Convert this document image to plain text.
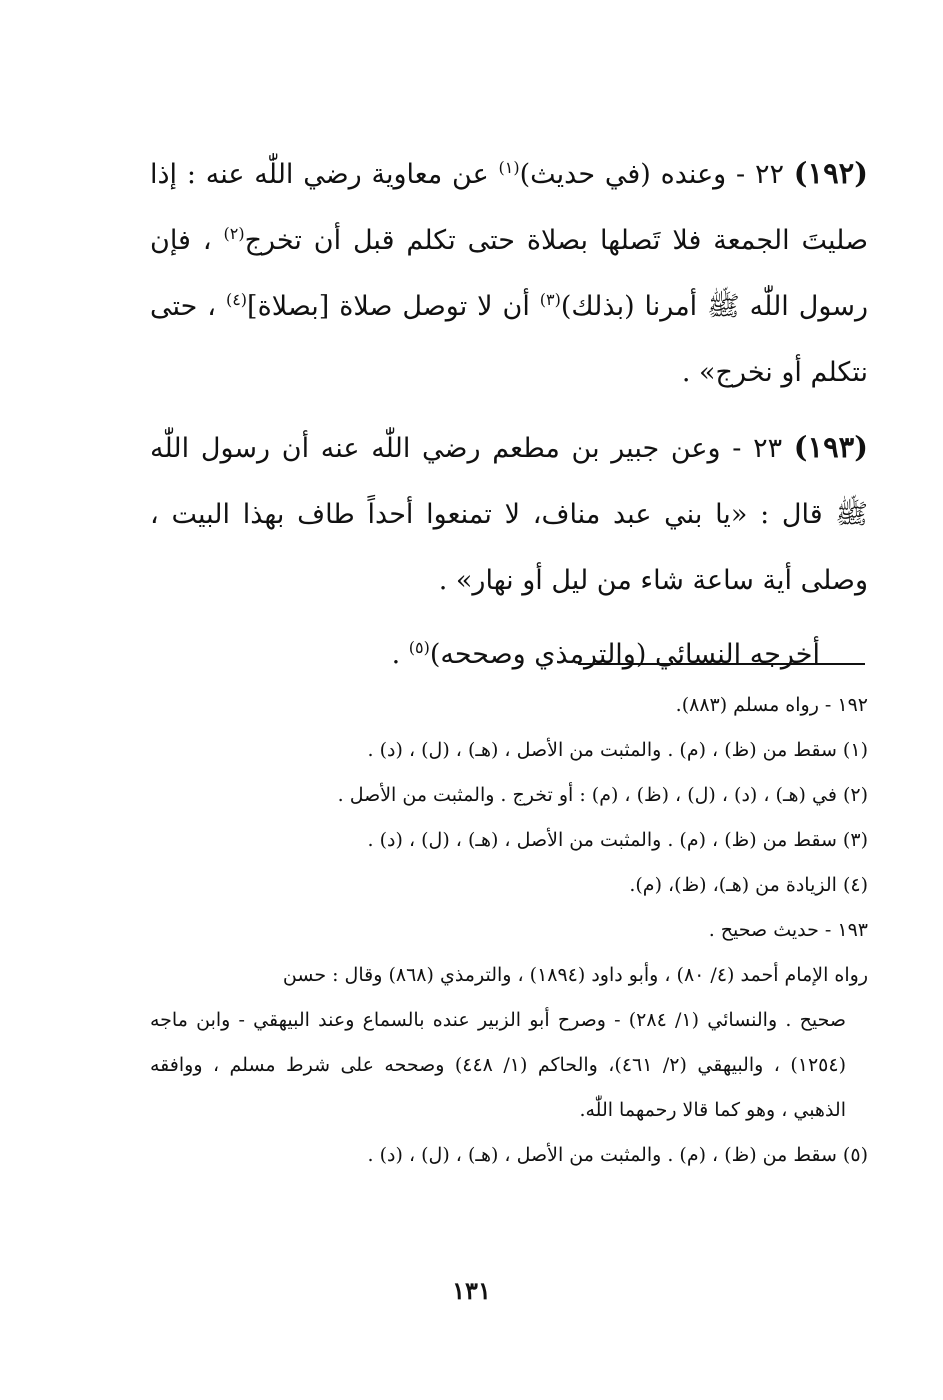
(١٩٢) ٢٢ - وعنده (في حديث)$^{(١)}$ عن معاوية رضي اللّٰه عنه : إذا صليتَ الجمعة فلا تَصلها بصلاة حتى تكلم قبل أن تخرج$^{(٢)}$ ، فإن رسول اللّٰه ﷺ أمرنا (بذلك)$^{(٣)}$ أن لا توصل صلاة [بصلاة]$^{(٤)}$ ، حتى نتكلم أو نخرج» .

(١٩٣) ٢٣ - وعن جبير بن مطعم رضي اللّٰه عنه أن رسول اللّٰه ﷺ قال : «يا بني عبد مناف، لا تمنعوا أحداً طاف بهذا البيت ، وصلى أية ساعة شاء من ليل أو نهار» .

أخرجه النسائي (والترمذي وصححه)$^{(٥)}$ .

١٩٢ - رواه مسلم (٨٨٣).

(١) سقط من (ظ) ، (م) . والمثبت من الأصل ، (هـ) ، (ل) ، (د) .

(٢) في (هـ) ، (د) ، (ل) ، (ظ) ، (م) : أو تخرج . والمثبت من الأصل .

(٣) سقط من (ظ) ، (م) . والمثبت من الأصل ، (هـ) ، (ل) ، (د) .

(٤) الزيادة من (هـ)، (ظ)، (م).

١٩٣ - حديث صحيح .

رواه الإمام أحمد (٤/ ٨٠) ، وأبو داود (١٨٩٤) ، والترمذي (٨٦٨) وقال : حسن
صحيح . والنسائي (١/ ٢٨٤) - وصرح أبو الزبير عنده بالسماع وعند البيهقي - وابن ماجه (١٢٥٤) ، والبيهقي (٢/ ٤٦١)، والحاكم (١/ ٤٤٨) وصححه على شرط مسلم ، ووافقه الذهبي ، وهو كما قالا رحمهما اللّٰه.

(٥) سقط من (ظ) ، (م) . والمثبت من الأصل ، (هـ) ، (ل) ، (د) .

١٣١
